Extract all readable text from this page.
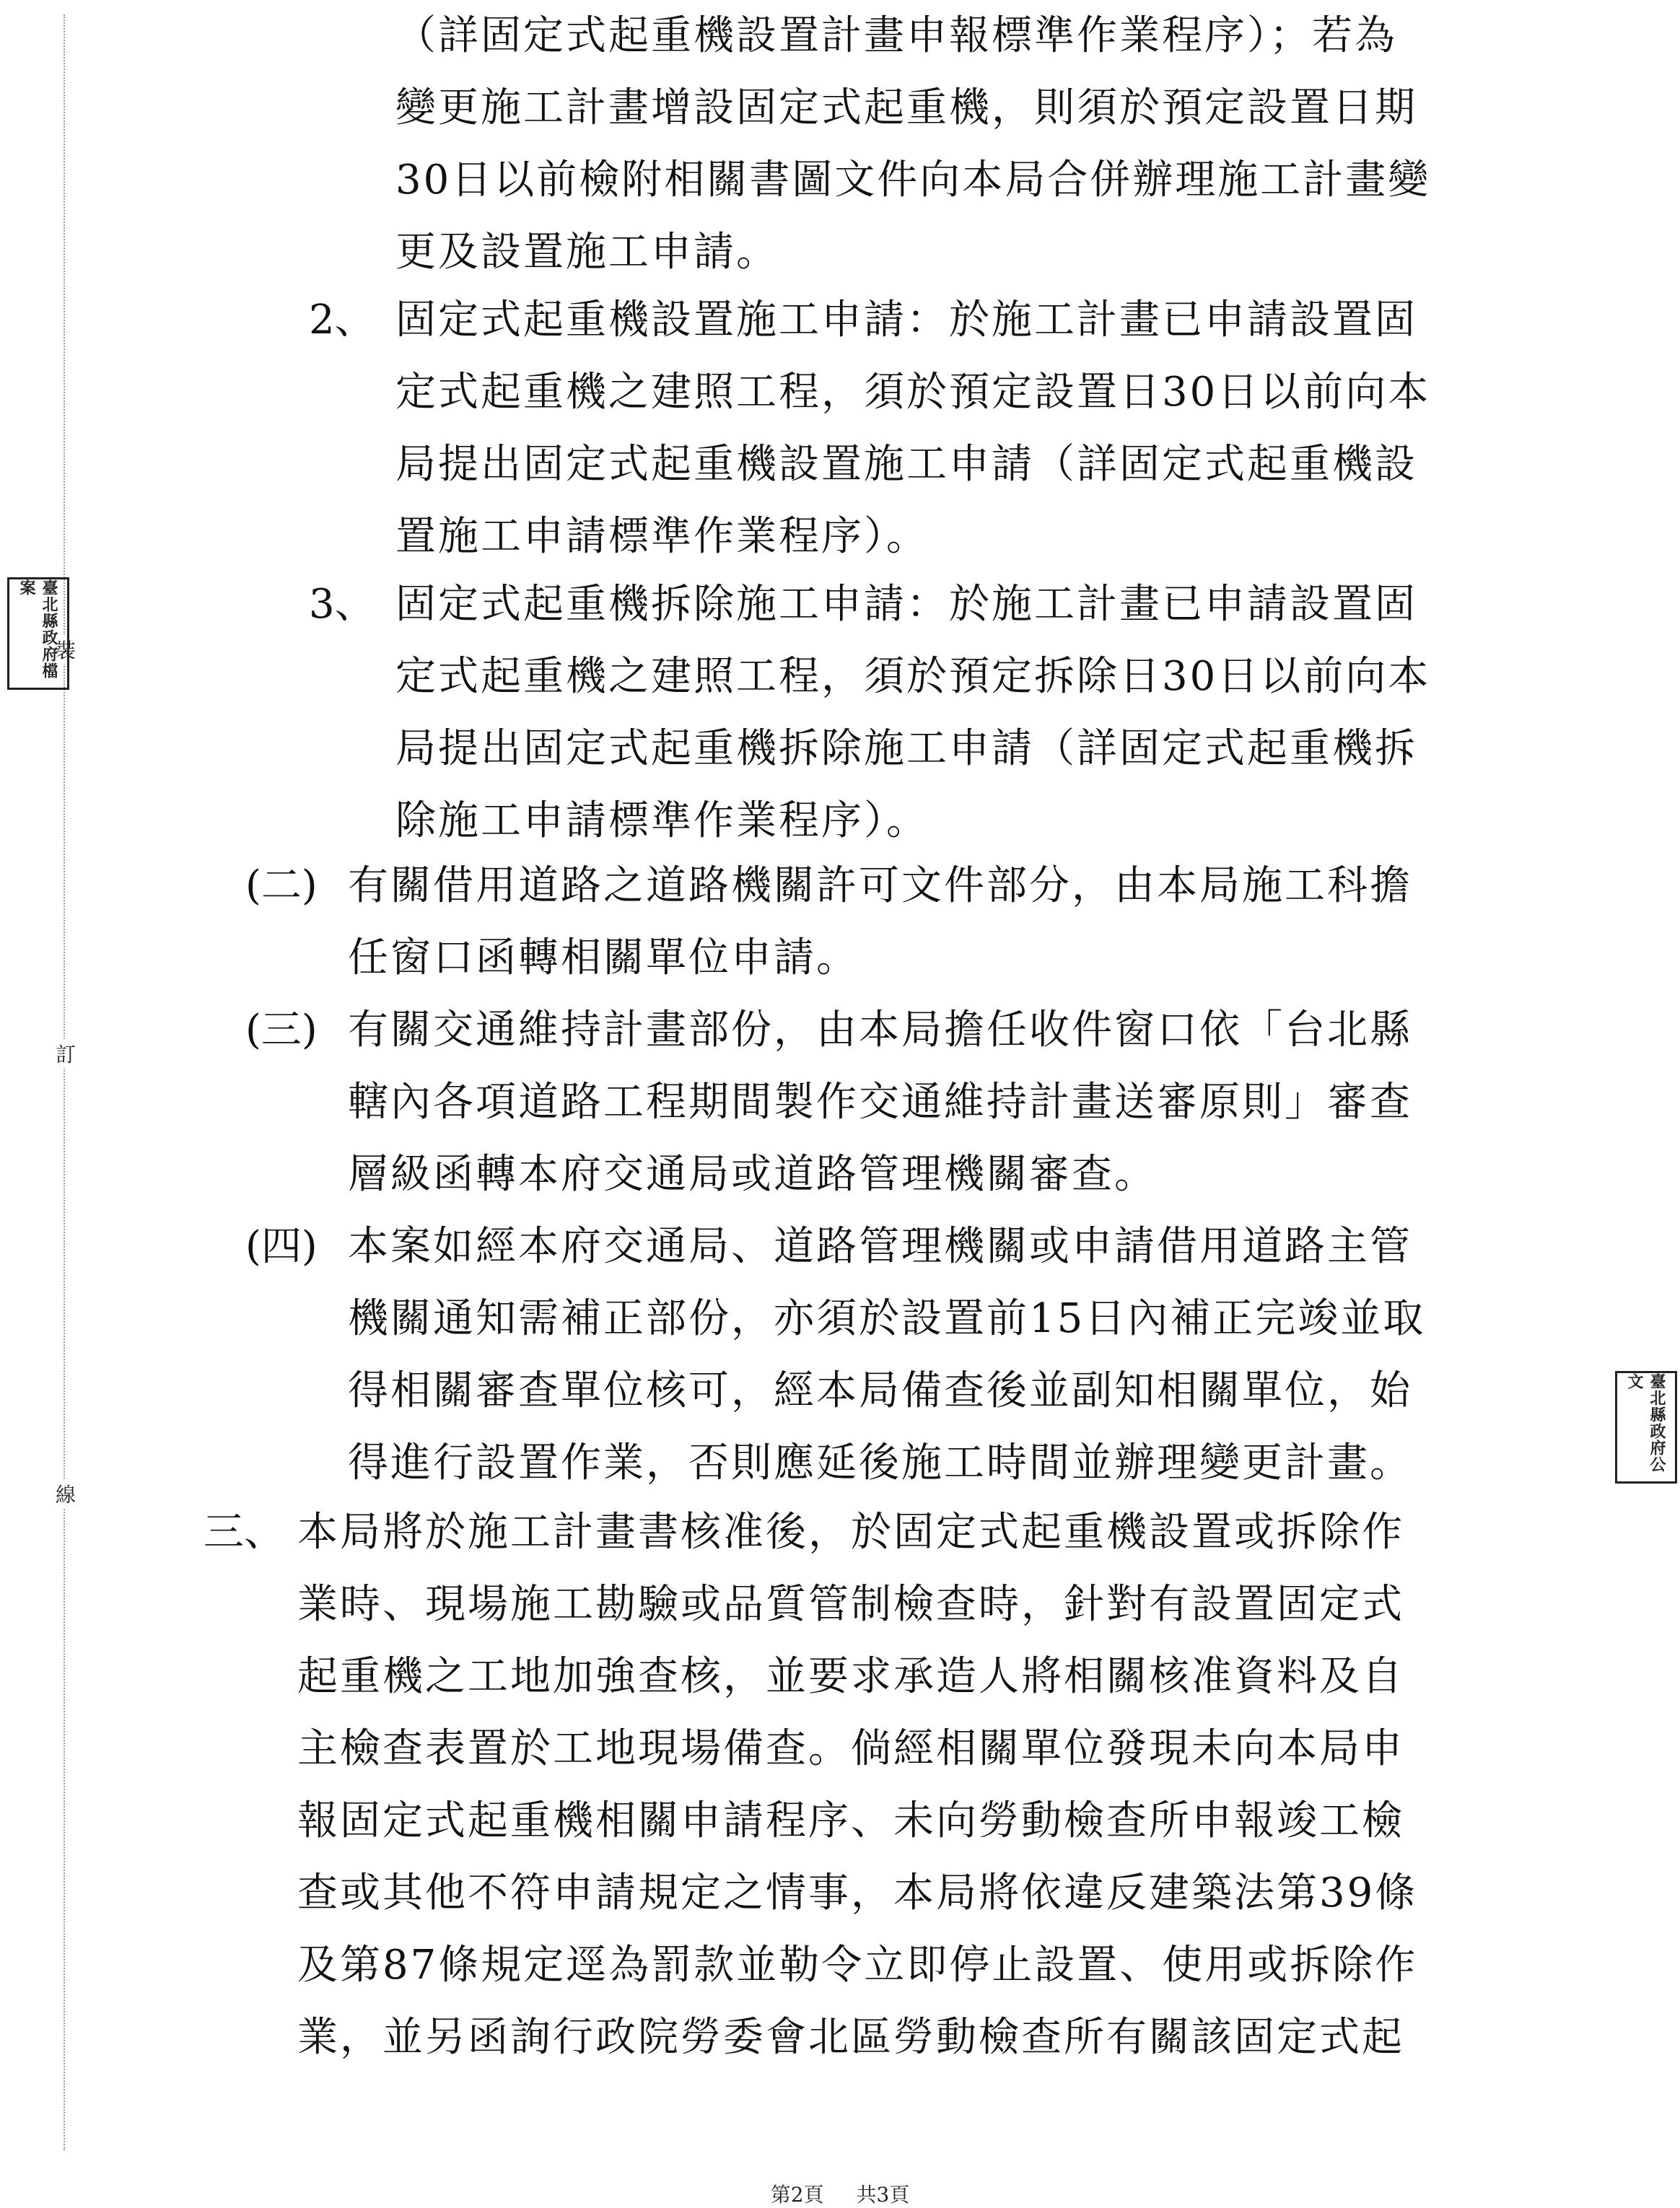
裝
訂
線
臺北縣政府檔案
臺北縣政府公文
（詳固定式起重機設置計畫申報標準作業程序）；若為
變更施工計畫增設固定式起重機，則須於預定設置日期
30日以前檢附相關書圖文件向本局合併辦理施工計畫變
更及設置施工申請。
2、 固定式起重機設置施工申請：於施工計畫已申請設置固
定式起重機之建照工程，須於預定設置日30日以前向本
局提出固定式起重機設置施工申請（詳固定式起重機設
置施工申請標準作業程序）。
3、 固定式起重機拆除施工申請：於施工計畫已申請設置固
定式起重機之建照工程，須於預定拆除日30日以前向本
局提出固定式起重機拆除施工申請（詳固定式起重機拆
除施工申請標準作業程序）。
(二) 有關借用道路之道路機關許可文件部分，由本局施工科擔
任窗口函轉相關單位申請。
(三) 有關交通維持計畫部份，由本局擔任收件窗口依「台北縣
轄內各項道路工程期間製作交通維持計畫送審原則」審查
層級函轉本府交通局或道路管理機關審查。
(四) 本案如經本府交通局、道路管理機關或申請借用道路主管
機關通知需補正部份，亦須於設置前15日內補正完竣並取
得相關審查單位核可，經本局備查後並副知相關單位，始
得進行設置作業，否則應延後施工時間並辦理變更計畫。
三、 本局將於施工計畫書核准後，於固定式起重機設置或拆除作
業時、現場施工勘驗或品質管制檢查時，針對有設置固定式
起重機之工地加強查核，並要求承造人將相關核准資料及自
主檢查表置於工地現場備查。倘經相關單位發現未向本局申
報固定式起重機相關申請程序、未向勞動檢查所申報竣工檢
查或其他不符申請規定之情事，本局將依違反建築法第39條
及第87條規定逕為罰款並勒令立即停止設置、使用或拆除作
業，並另函詢行政院勞委會北區勞動檢查所有關該固定式起
第2頁 共3頁
